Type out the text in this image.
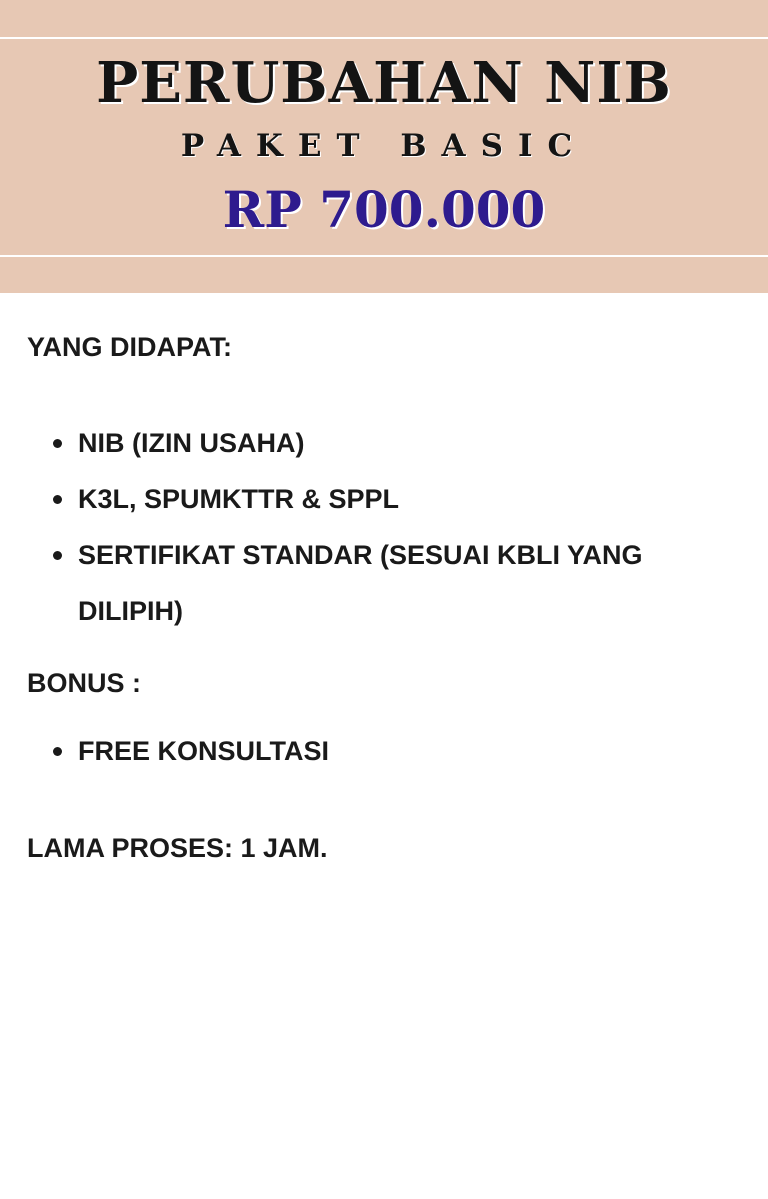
PERUBAHAN NIB
PAKET BASIC
RP 700.000
YANG DIDAPAT:
NIB (IZIN USAHA)
K3L, SPUMKTTR & SPPL
SERTIFIKAT STANDAR (SESUAI KBLI YANG DILIPIH)
BONUS :
FREE KONSULTASI
LAMA PROSES: 1 JAM.
